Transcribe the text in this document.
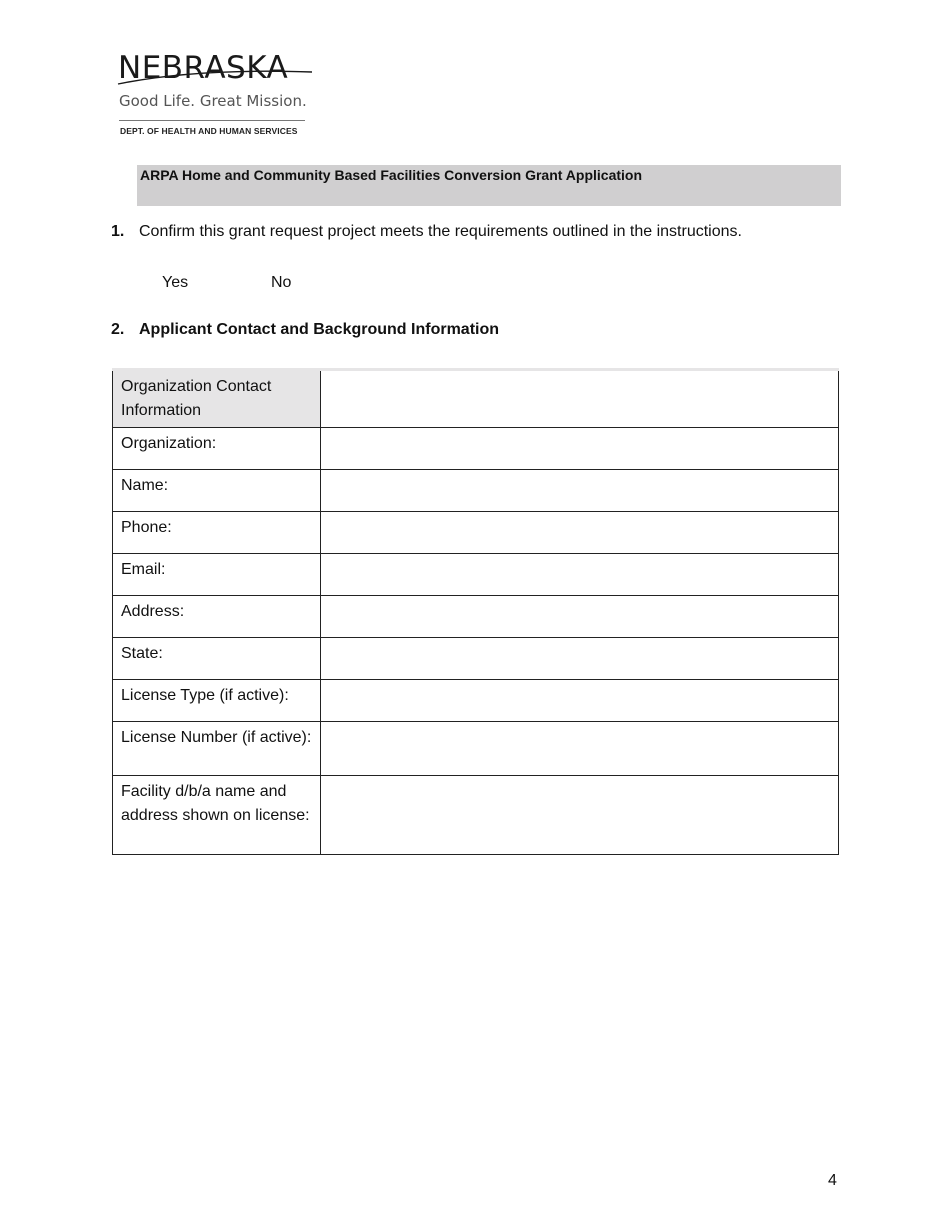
NEBRASKA
Good Life. Great Mission.
DEPT. OF HEALTH AND HUMAN SERVICES
ARPA Home and Community Based Facilities Conversion Grant Application
1. Confirm this grant request project meets the requirements outlined in the instructions.
Yes	No
2. Applicant Contact and Background Information
Organization Contact Information	
Organization:	
Name:	
Phone:	
Email:	
Address:	
State:	
License Type (if active):	
License Number (if active):	
Facility d/b/a name and address shown on license:	
4
